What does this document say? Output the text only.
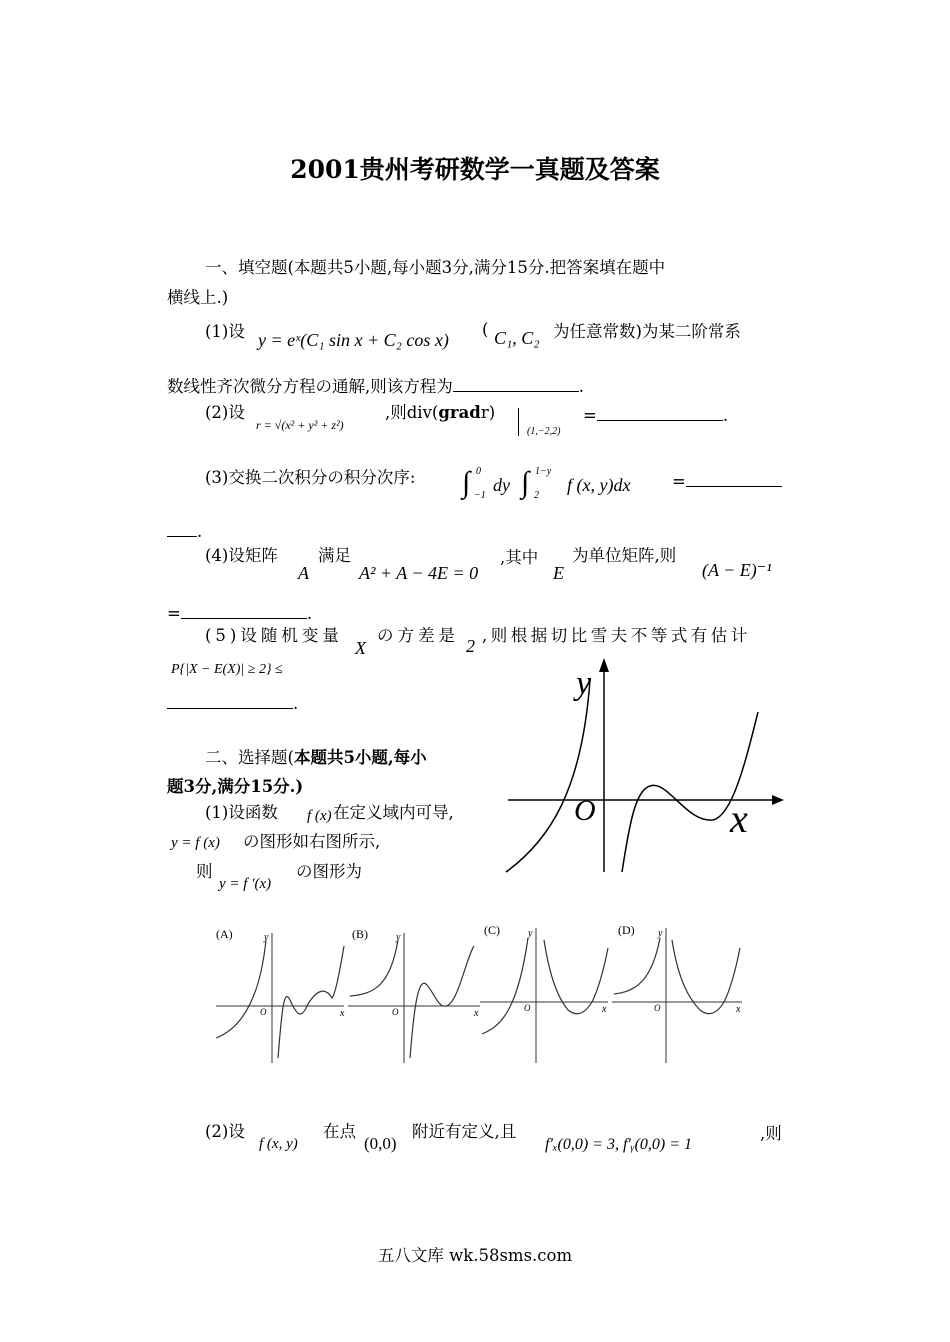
2001贵州考研数学一真题及答案
一、填空题(本题共5小题,每小题3分,满分15分.把答案填在题中
横线上.)
(1)设 y = eˣ(C₁ sin x + C₂ cos x)
( C₁, C₂ 为任意常数)为某二阶常系
数线性齐次微分方程の通解,则该方程为	.
(2)设
r = √(x² + y² + z²)
,则div(gradr)
(1,−2,2)
=	.
(3)交换二次积分の积分次序: ∫ 0
−1
dy ∫ 1−y
2
f (x, y)dx	=
.
(4)设矩阵
A
满足
A² + A − 4E = 0
,其中
E
为单位矩阵,则
(A − E)⁻¹
=	.
(5)设随机变量
X
の方差是
2
,则根据切比雪夫不等式有估计
P{|X − E(X)| ≥ 2} ≤
.
二、选择题(本题共5小题,每小
题3分,满分15分.)
(1)设函数 f (x) 在定义域内可导,
y = f (x) の图形如右图所示,
则
y = f ′(x)
の图形为
y
x
O
(A)	y
x
O
(B)	y
x
O
(C)	y
x
O
(D) y
x
O
(2)设
f (x, y)
在点
(0,0)
附近有定义,且
f′ₓ(0,0) = 3, f′ᵧ(0,0) = 1
,则
五八文库 wk.58sms.com
